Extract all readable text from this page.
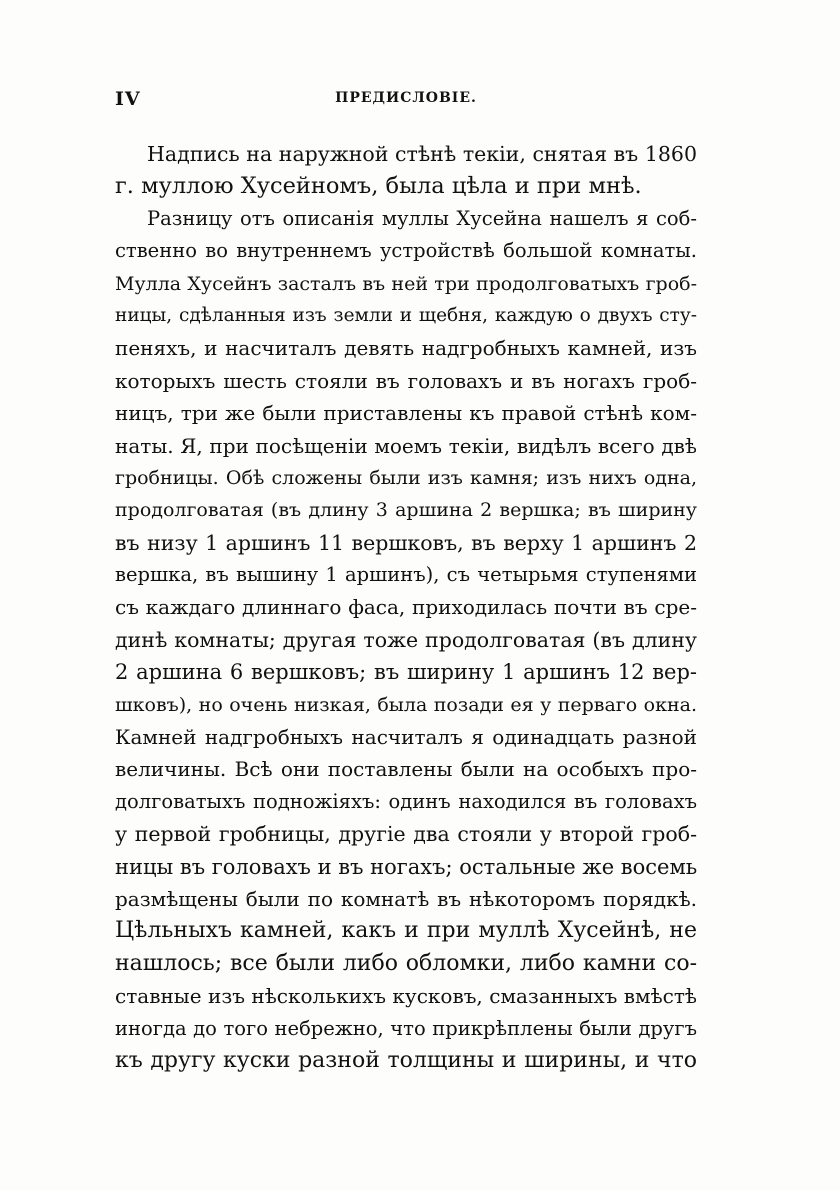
IV	ПРЕДИСЛОВІЕ.
Надпись на наружной стѣнѣ текіи, снятая въ 1860
г. муллою Хусейномъ, была цѣла и при мнѣ.
Разницу отъ описанія муллы Хусейна нашелъ я соб-
ственно во внутреннемъ устройствѣ большой комнаты.
Мулла Хусейнъ засталъ въ ней три продолговатыхъ гроб-
ницы, сдѣланныя изъ земли и щебня, каждую о двухъ сту-
пеняхъ, и насчиталъ девять надгробныхъ камней, изъ
которыхъ шесть стояли въ головахъ и въ ногахъ гроб-
ницъ, три же были приставлены къ правой стѣнѣ ком-
наты. Я, при посѣщеніи моемъ текіи, видѣлъ всего двѣ
гробницы. Обѣ сложены были изъ камня; изъ нихъ одна,
продолговатая (въ длину 3 аршина 2 вершка; въ ширину
въ низу 1 аршинъ 11 вершковъ, въ верху 1 аршинъ 2
вершка, въ вышину 1 аршинъ), съ четырьмя ступенями
съ каждаго длиннаго фаса, приходилась почти въ сре-
динѣ комнаты; другая тоже продолговатая (въ длину
2 аршина 6 вершковъ; въ ширину 1 аршинъ 12 вер-
шковъ), но очень низкая, была позади ея у перваго окна.
Камней надгробныхъ насчиталъ я одинадцать разной
величины. Всѣ они поставлены были на особыхъ про-
долговатыхъ подножіяхъ: одинъ находился въ головахъ
у первой гробницы, другіе два стояли у второй гроб-
ницы въ головахъ и въ ногахъ; остальные же восемь
размѣщены были по комнатѣ въ нѣкоторомъ порядкѣ.
Цѣльныхъ камней, какъ и при муллѣ Хусейнѣ, не
нашлось; все были либо обломки, либо камни со-
ставные изъ нѣсколькихъ кусковъ, смазанныхъ вмѣстѣ
иногда до того небрежно, что прикрѣплены были другъ
къ другу куски разной толщины и ширины, и что
